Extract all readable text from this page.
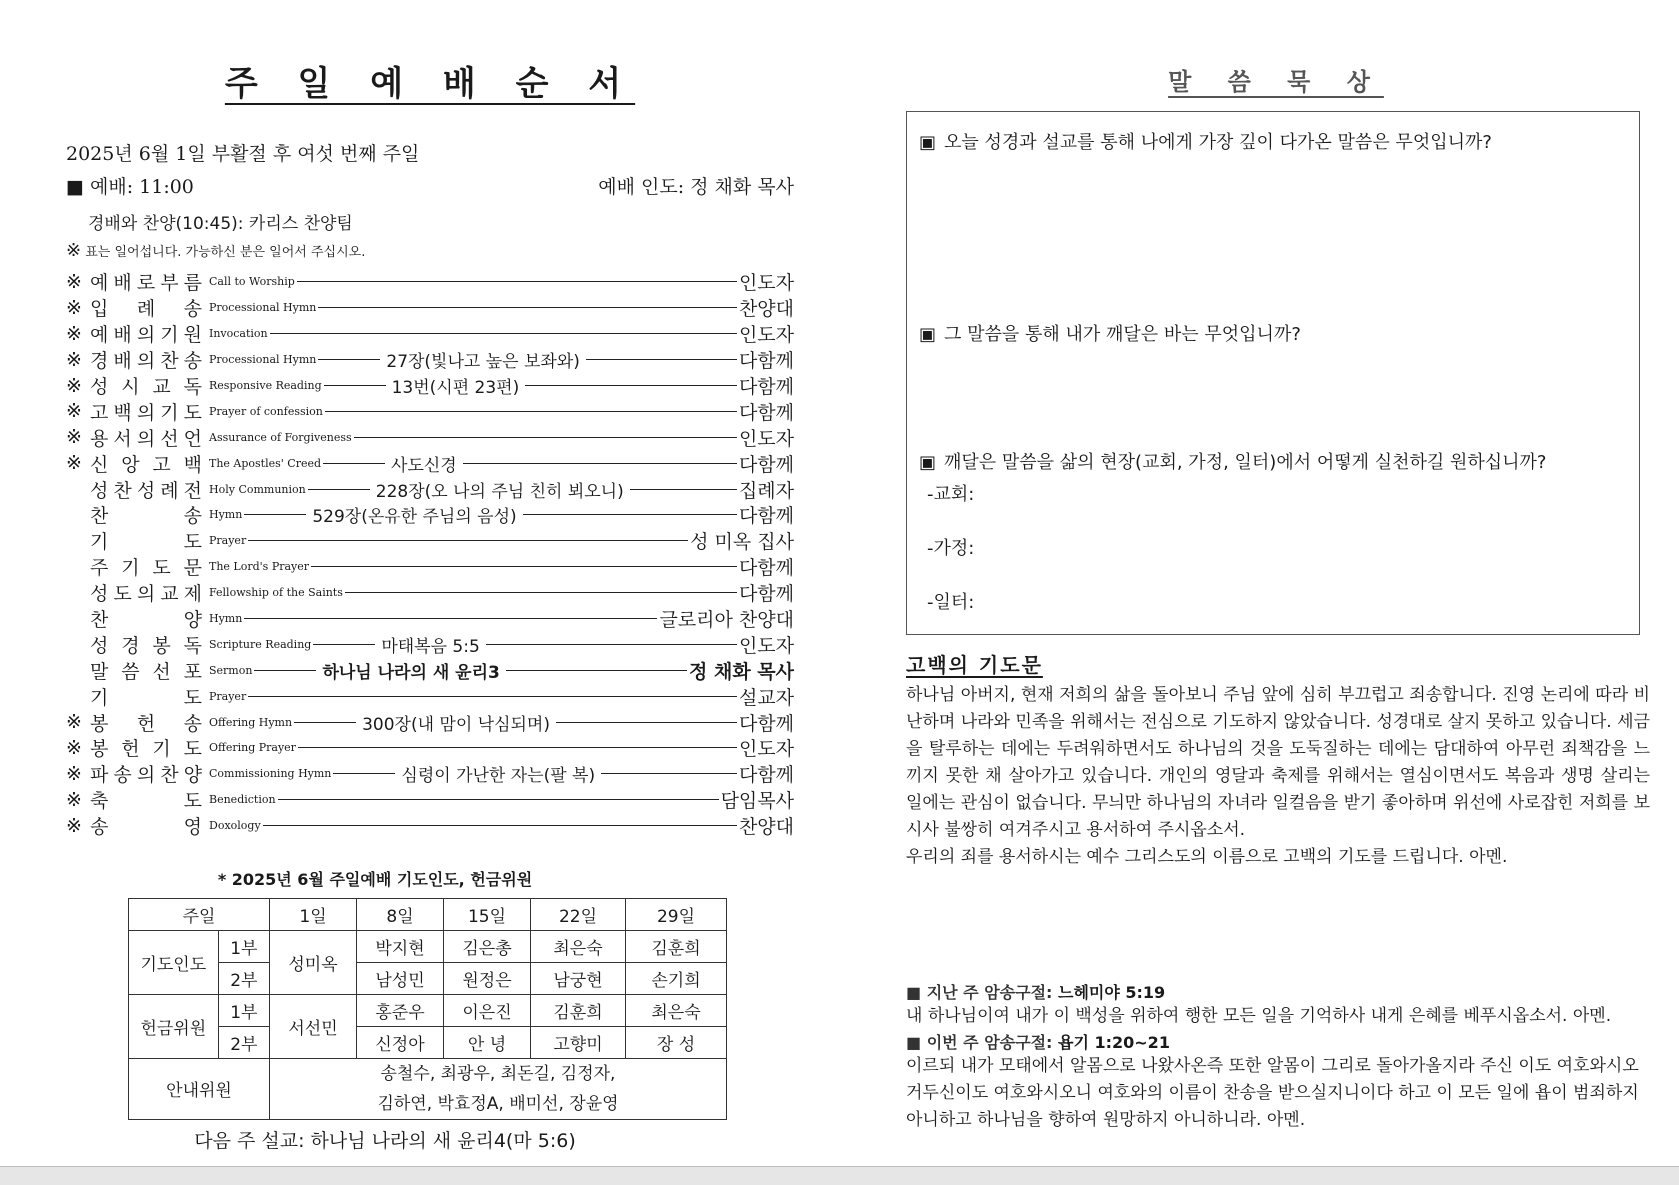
주 일 예 배 순 서
2025년 6월 1일 부활절 후 여섯 번째 주일
■ 예배: 11:00	예배 인도: 정 채화 목사
경배와 찬양(10:45): 카리스 찬양팀
※ 표는 일어섭니다. 가능하신 분은 일어서 주십시오.
※ 예 배 로 부 름 Call to Worship	인도자
※ 입 례 송 Processional Hymn	찬양대
※ 예 배 의 기 원 Invocation	인도자
※ 경 배 의 찬 송 Processional Hymn	27장(빛나고 높은 보좌와)	다함께
※ 성 시 교 독 Responsive Reading	13번(시편 23편)	다함께
※ 고 백 의 기 도 Prayer of confession	다함께
※ 용 서 의 선 언 Assurance of Forgiveness	인도자
※ 신 앙 고 백 The Apostles' Creed	사도신경	다함께
성 찬 성 례 전 Holy Communion	228장(오 나의 주님 친히 뵈오니)	집례자
찬	송 Hymn	529장(온유한 주님의 음성)	다함께
기	도 Prayer	성 미옥 집사
주 기 도 문 The Lord's Prayer	다함께
성 도 의 교 제 Fellowship of the Saints	다함께
찬	양 Hymn	글로리아 찬양대
성 경 봉 독 Scripture Reading	마태복음 5:5	인도자
말 씀 선 포 Sermon	하나님 나라의 새 윤리3	정 채화 목사
기	도 Prayer	설교자
※ 봉 헌 송 Offering Hymn	300장(내 맘이 낙심되며)	다함께
※ 봉 헌 기 도 Offering Prayer	인도자
※ 파 송 의 찬 양 Commissioning Hymn	심령이 가난한 자는(팔 복)	다함께
※ 축	도 Benediction	담임목사
※ 송	영 Doxology	찬양대
* 2025년 6월 주일예배 기도인도, 헌금위원
주일		1일	8일	15일	22일	29일
기도인도	1부	성미옥	박지현	김은총	최은숙	김훈희
	2부		남성민	원정은	남궁현	손기희
헌금위원	1부	서선민	홍준우	이은진	김훈희	최은숙
	2부		신정아	안 녕	고향미	장 성
안내위원		송철수, 최광우, 최돈길, 김정자,
김하연, 박효정A, 배미선, 장윤영				
다음 주 설교: 하나님 나라의 새 윤리4(마 5:6)
말 씀 묵 상
▣ 오늘 성경과 설교를 통해 나에게 가장 깊이 다가온 말씀은 무엇입니까?
▣ 그 말씀을 통해 내가 깨달은 바는 무엇입니까?
▣ 깨달은 말씀을 삶의 현장(교회, 가정, 일터)에서 어떻게 실천하길 원하십니까?
-교회:
-가정:
-일터:
고백의 기도문
하나님 아버지, 현재 저희의 삶을 돌아보니 주님 앞에 심히 부끄럽고 죄송합니다. 진영 논리에 따라 비난하며 나라와 민족을 위해서는 전심으로 기도하지 않았습니다. 성경대로 살지 못하고 있습니다. 세금을 탈루하는 데에는 두려워하면서도 하나님의 것을 도둑질하는 데에는 담대하여 아무런 죄책감을 느끼지 못한 채 살아가고 있습니다. 개인의 영달과 축제를 위해서는 열심이면서도 복음과 생명 살리는 일에는 관심이 없습니다. 무늬만 하나님의 자녀라 일컬음을 받기 좋아하며 위선에 사로잡힌 저희를 보시사 불쌍히 여겨주시고 용서하여 주시옵소서.
우리의 죄를 용서하시는 예수 그리스도의 이름으로 고백의 기도를 드립니다. 아멘.
■ 지난 주 암송구절: 느헤미야 5:19
내 하나님이여 내가 이 백성을 위하여 행한 모든 일을 기억하사 내게 은혜를 베푸시옵소서. 아멘.
■ 이번 주 암송구절: 욥기 1:20~21
이르되 내가 모태에서 알몸으로 나왔사온즉 또한 알몸이 그리로 돌아가올지라 주신 이도 여호와시오 거두신이도 여호와시오니 여호와의 이름이 찬송을 받으실지니이다 하고 이 모든 일에 욥이 범죄하지 아니하고 하나님을 향하여 원망하지 아니하니라. 아멘.
